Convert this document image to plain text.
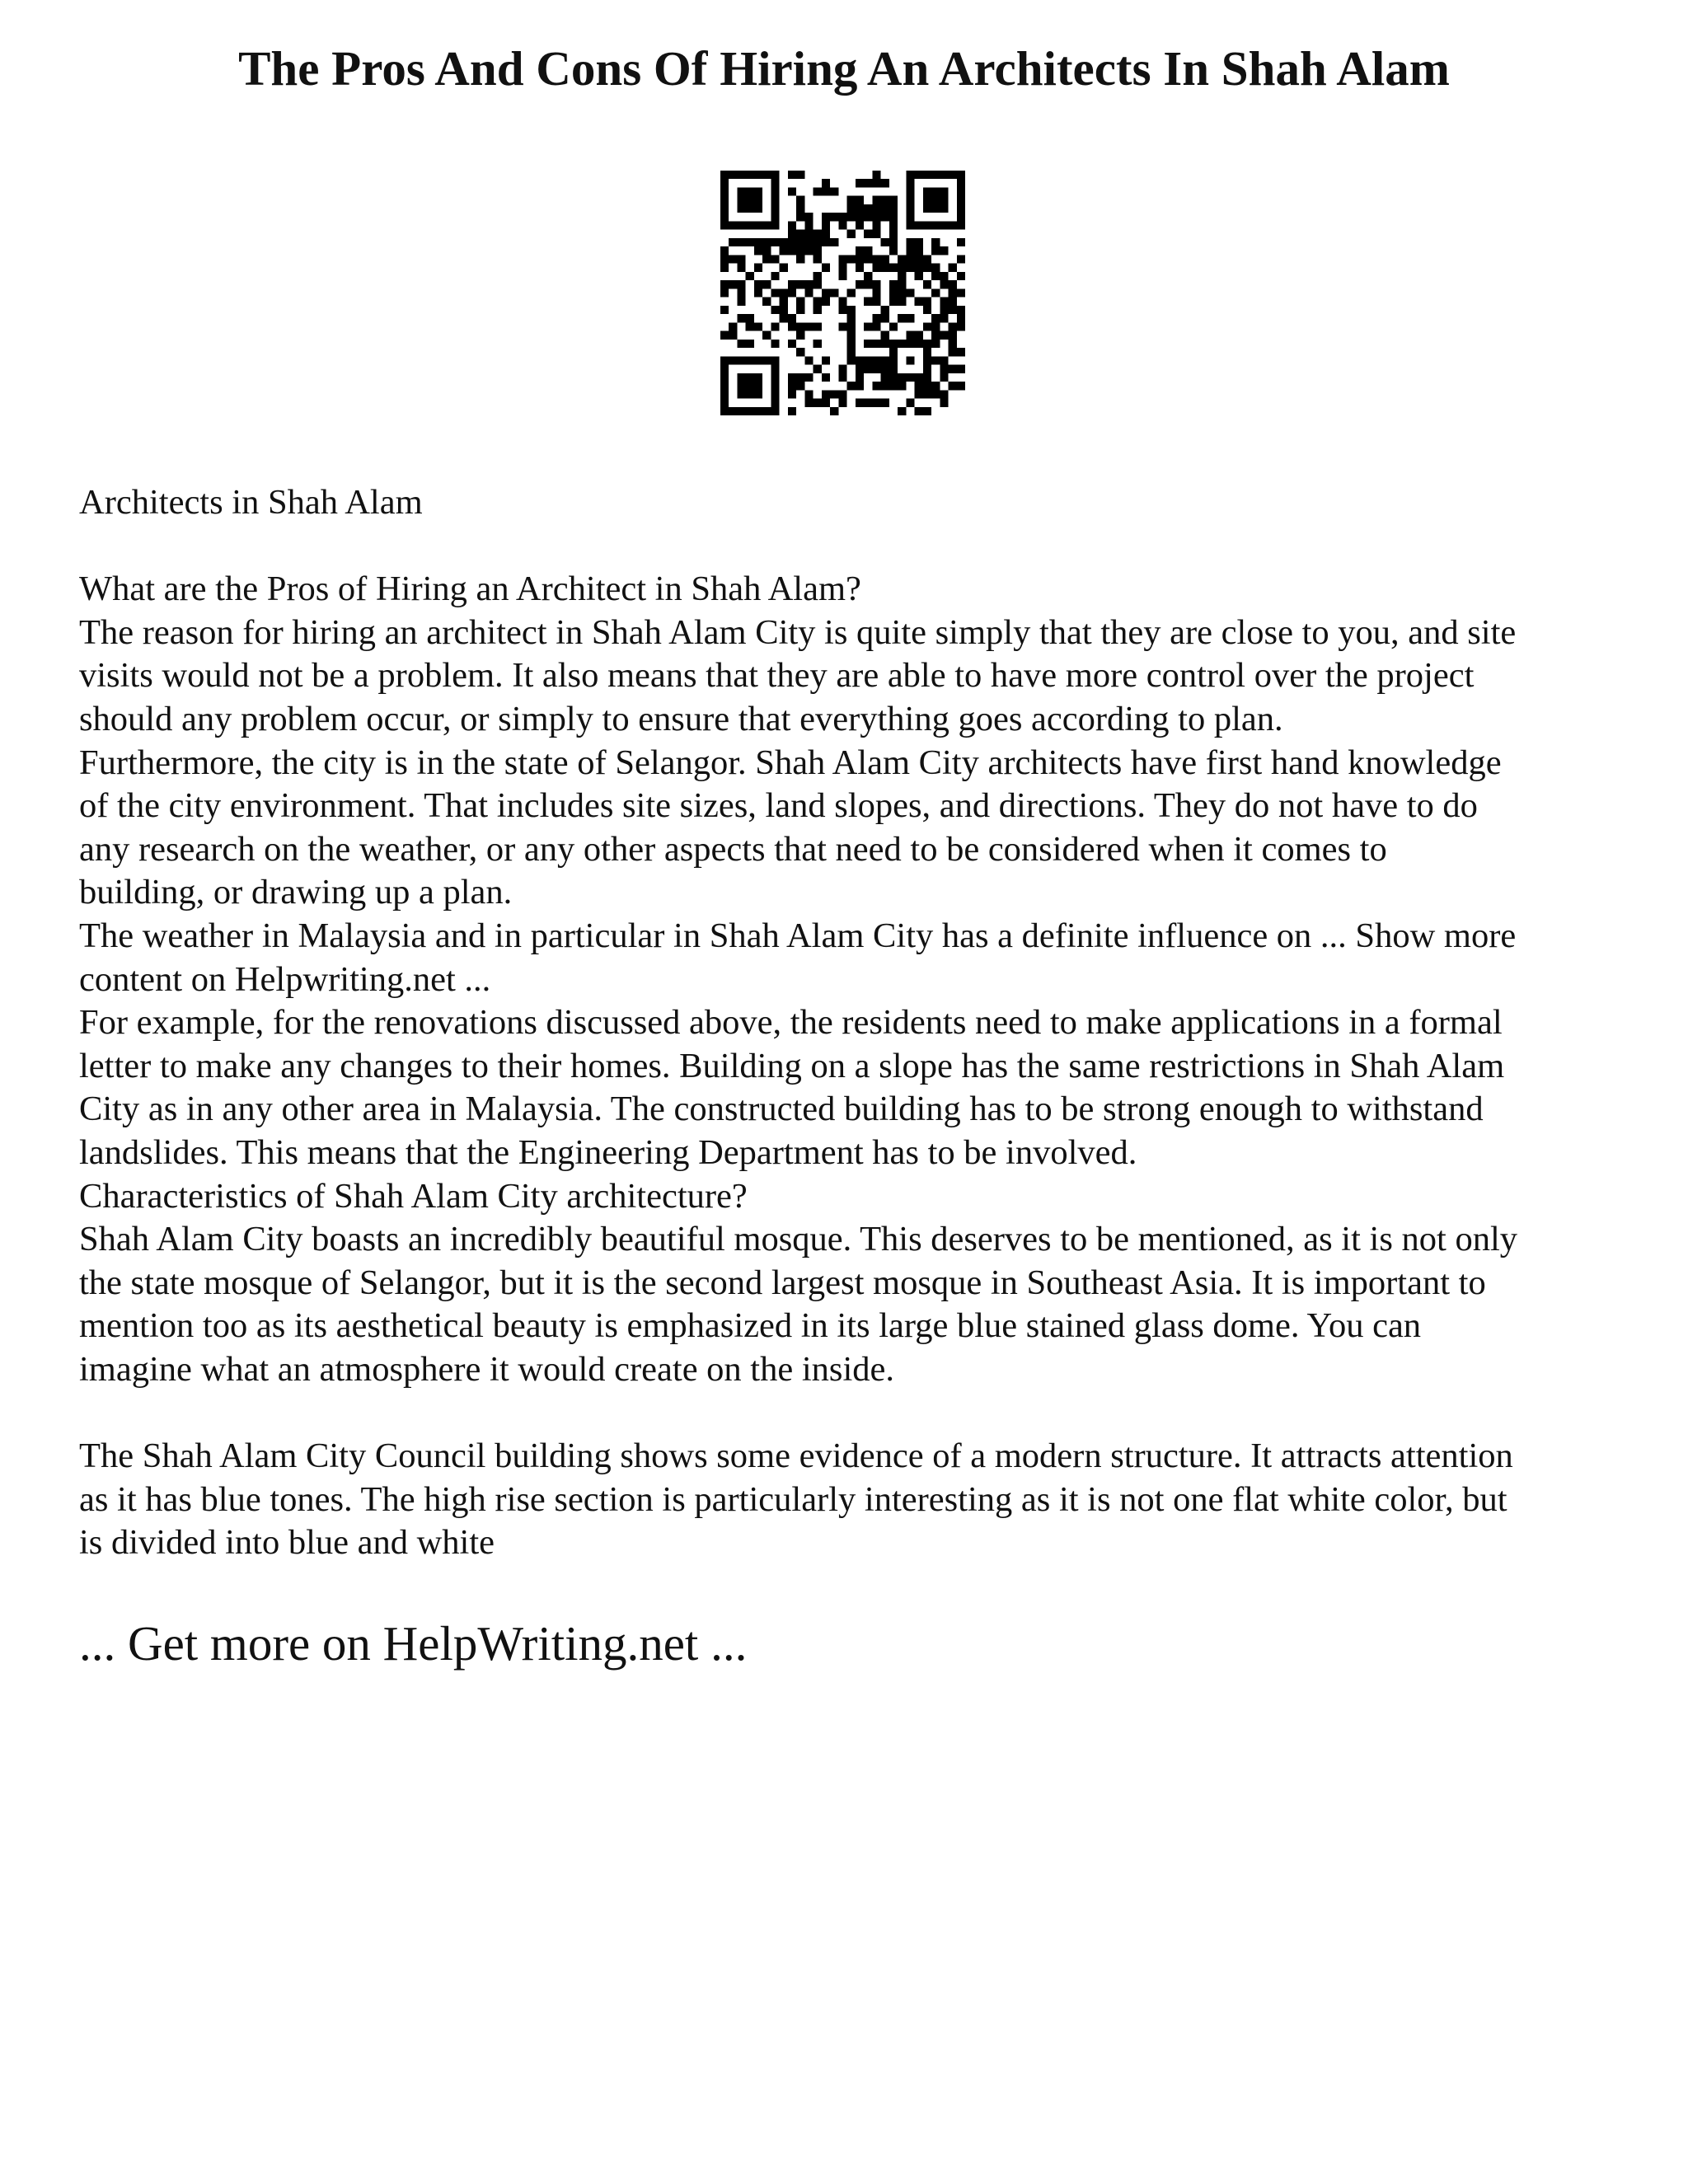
The Pros And Cons Of Hiring An Architects In Shah Alam
Architects in Shah Alam
What are the Pros of Hiring an Architect in Shah Alam?
The reason for hiring an architect in Shah Alam City is quite simply that they are close to you, and site
visits would not be a problem. It also means that they are able to have more control over the project
should any problem occur, or simply to ensure that everything goes according to plan.
Furthermore, the city is in the state of Selangor. Shah Alam City architects have first hand knowledge
of the city environment. That includes site sizes, land slopes, and directions. They do not have to do
any research on the weather, or any other aspects that need to be considered when it comes to
building, or drawing up a plan.
The weather in Malaysia and in particular in Shah Alam City has a definite influence on ... Show more
content on Helpwriting.net ...
For example, for the renovations discussed above, the residents need to make applications in a formal
letter to make any changes to their homes. Building on a slope has the same restrictions in Shah Alam
City as in any other area in Malaysia. The constructed building has to be strong enough to withstand
landslides. This means that the Engineering Department has to be involved.
Characteristics of Shah Alam City architecture?
Shah Alam City boasts an incredibly beautiful mosque. This deserves to be mentioned, as it is not only
the state mosque of Selangor, but it is the second largest mosque in Southeast Asia. It is important to
mention too as its aesthetical beauty is emphasized in its large blue stained glass dome. You can
imagine what an atmosphere it would create on the inside.
The Shah Alam City Council building shows some evidence of a modern structure. It attracts attention
as it has blue tones. The high rise section is particularly interesting as it is not one flat white color, but
is divided into blue and white

... Get more on HelpWriting.net ...
